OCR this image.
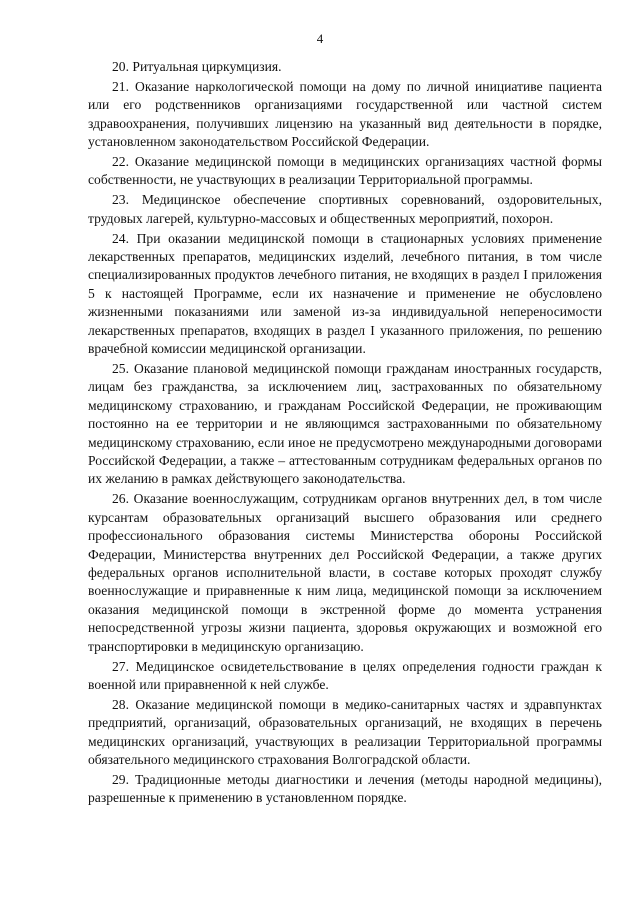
4

20. Ритуальная циркумцизия.

21. Оказание наркологической помощи на дому по личной инициативе пациента или его родственников организациями государственной или частной систем здравоохранения, получивших лицензию на указанный вид деятельности в порядке, установленном законодательством Российской Федерации.

22. Оказание медицинской помощи в медицинских организациях частной формы собственности, не участвующих в реализации Территориальной программы.

23. Медицинское обеспечение спортивных соревнований, оздоровительных, трудовых лагерей, культурно-массовых и общественных мероприятий, похорон.

24. При оказании медицинской помощи в стационарных условиях применение лекарственных препаратов, медицинских изделий, лечебного питания, в том числе специализированных продуктов лечебного питания, не входящих в раздел I приложения 5 к настоящей Программе, если их назначение и применение не обусловлено жизненными показаниями или заменой из-за индивидуальной непереносимости лекарственных препаратов, входящих в раздел I указанного приложения, по решению врачебной комиссии медицинской организации.

25. Оказание плановой медицинской помощи гражданам иностранных государств, лицам без гражданства, за исключением лиц, застрахованных по обязательному медицинскому страхованию, и гражданам Российской Федерации, не проживающим постоянно на ее территории и не являющимся застрахованными по обязательному медицинскому страхованию, если иное не предусмотрено международными договорами Российской Федерации, а также – аттестованным сотрудникам федеральных органов по их желанию в рамках действующего законодательства.

26. Оказание военнослужащим, сотрудникам органов внутренних дел, в том числе курсантам образовательных организаций высшего образования или среднего профессионального образования системы Министерства обороны Российской Федерации, Министерства внутренних дел Российской Федерации, а также других федеральных органов исполнительной власти, в составе которых проходят службу военнослужащие и приравненные к ним лица, медицинской помощи за исключением оказания медицинской помощи в экстренной форме до момента устранения непосредственной угрозы жизни пациента, здоровья окружающих и возможной его транспортировки в медицинскую организацию.

27. Медицинское освидетельствование в целях определения годности граждан к военной или приравненной к ней службе.

28. Оказание медицинской помощи в медико-санитарных частях и здравпунктах предприятий, организаций, образовательных организаций, не входящих в перечень медицинских организаций, участвующих в реализации Территориальной программы обязательного медицинского страхования Волгоградской области.

29. Традиционные методы диагностики и лечения (методы народной медицины), разрешенные к применению в установленном порядке.
